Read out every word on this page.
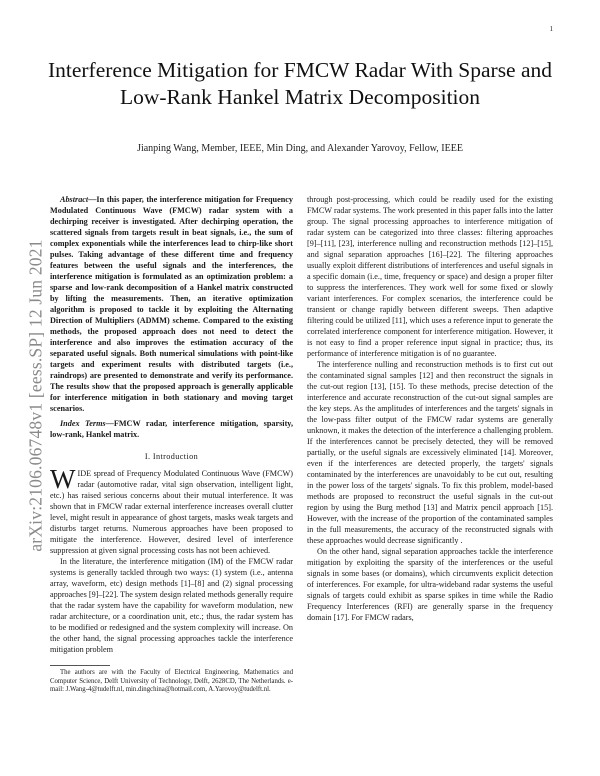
1
arXiv:2106.06748v1 [eess.SP] 12 Jun 2021
Interference Mitigation for FMCW Radar With Sparse and Low-Rank Hankel Matrix Decomposition
Jianping Wang, Member, IEEE, Min Ding, and Alexander Yarovoy, Fellow, IEEE

Abstract—In this paper, the interference mitigation for Frequency Modulated Continuous Wave (FMCW) radar system with a dechirping receiver is investigated. After dechirping operation, the scattered signals from targets result in beat signals, i.e., the sum of complex exponentials while the interferences lead to chirp-like short pulses. Taking advantage of these different time and frequency features between the useful signals and the interferences, the interference mitigation is formulated as an optimization problem: a sparse and low-rank decomposition of a Hankel matrix constructed by lifting the measurements. Then, an iterative optimization algorithm is proposed to tackle it by exploiting the Alternating Direction of Multipliers (ADMM) scheme. Compared to the existing methods, the proposed approach does not need to detect the interference and also improves the estimation accuracy of the separated useful signals. Both numerical simulations with point-like targets and experiment results with distributed targets (i.e., raindrops) are presented to demonstrate and verify its performance. The results show that the proposed approach is generally applicable for interference mitigation in both stationary and moving target scenarios.

Index Terms—FMCW radar, interference mitigation, sparsity, low-rank, Hankel matrix.

I. Introduction

WIDE spread of Frequency Modulated Continuous Wave (FMCW) radar (automotive radar, vital sign observation, intelligent light, etc.) has raised serious concerns about their mutual interference. It was shown that in FMCW radar external interference increases overall clutter level, might result in appearance of ghost targets, masks weak targets and disturbs target returns. Numerous approaches have been proposed to mitigate the interference. However, desired level of interference suppression at given signal processing costs has not been achieved.

In the literature, the interference mitigation (IM) of the FMCW radar systems is generally tackled through two ways: (1) system (i.e., antenna array, waveform, etc) design methods [1]–[8] and (2) signal processing approaches [9]–[22]. The system design related methods generally require that the radar system have the capability for waveform modulation, new radar architecture, or a coordination unit, etc.; thus, the radar system has to be modified or redesigned and the system complexity will increase. On the other hand, the signal processing approaches tackle the interference mitigation problem

The authors are with the Faculty of Electrical Engineering, Mathematics and Computer Science, Delft University of Technology, Delft, 2628CD, The Netherlands. e-mail: J.Wang-4@tudelft.nl, min.dingchina@hotmail.com, A.Yarovoy@tudelft.nl.

through post-processing, which could be readily used for the existing FMCW radar systems. The work presented in this paper falls into the latter group. The signal processing approaches to interference mitigation of radar system can be categorized into three classes: filtering approaches [9]–[11], [23], interference nulling and reconstruction methods [12]–[15], and signal separation approaches [16]–[22]. The filtering approaches usually exploit different distributions of interferences and useful signals in a specific domain (i.e., time, frequency or space) and design a proper filter to suppress the interferences. They work well for some fixed or slowly variant interferences. For complex scenarios, the interference could be transient or change rapidly between different sweeps. Then adaptive filtering could be utilized [11], which uses a reference input to generate the correlated interference component for interference mitigation. However, it is not easy to find a proper reference input signal in practice; thus, its performance of interference mitigation is of no guarantee.

The interference nulling and reconstruction methods is to first cut out the contaminated signal samples [12] and then reconstruct the signals in the cut-out region [13], [15]. To these methods, precise detection of the interference and accurate reconstruction of the cut-out signal samples are the key steps. As the amplitudes of interferences and the targets' signals in the low-pass filter output of the FMCW radar systems are generally unknown, it makes the detection of the interference a challenging problem. If the interferences cannot be precisely detected, they will be removed partially, or the useful signals are excessively eliminated [14]. Moreover, even if the interferences are detected properly, the targets' signals contaminated by the interferences are unavoidably to be cut out, resulting in the power loss of the targets' signals. To fix this problem, model-based methods are proposed to reconstruct the useful signals in the cut-out region by using the Burg method [13] and Matrix pencil approach [15]. However, with the increase of the proportion of the contaminated samples in the full measurements, the accuracy of the reconstructed signals with these approaches would decrease significantly .

On the other hand, signal separation approaches tackle the interference mitigation by exploiting the sparsity of the interferences or the useful signals in some bases (or domains), which circumvents explicit detection of interferences. For example, for ultra-wideband radar systems the useful signals of targets could exhibit as sparse spikes in time while the Radio Frequency Interferences (RFI) are generally sparse in the frequency domain [17]. For FMCW radars,
